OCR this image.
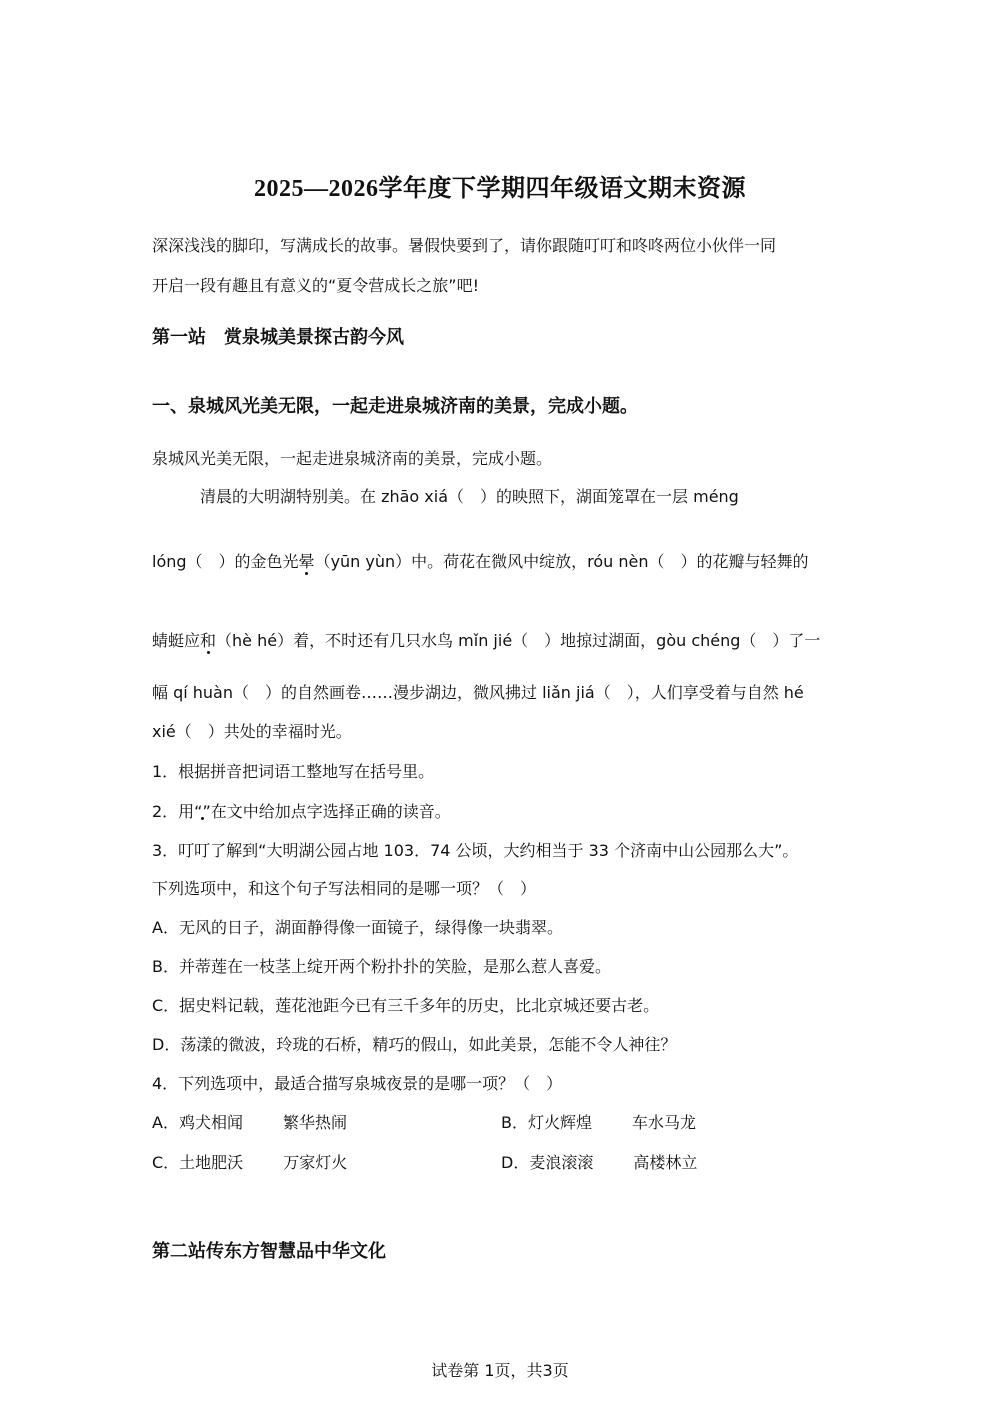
2025—2026学年度下学期四年级语文期末资源
深深浅浅的脚印，写满成长的故事。暑假快要到了，请你跟随叮叮和咚咚两位小伙伴一同
开启一段有趣且有意义的“夏令营成长之旅”吧!
第一站　赏泉城美景探古韵今风
一、泉城风光美无限，一起走进泉城济南的美景，完成小题。
泉城风光美无限，一起走进泉城济南的美景，完成小题。
清晨的大明湖特别美。在 zhāo xiá（　）的映照下，湖面笼罩在一层 méng
lóng（　）的金色光晕（yūn yùn）中。荷花在微风中绽放，róu nèn（　）的花瓣与轻舞的
蜻蜓应和（hè hé）着，不时还有几只水鸟 mǐn jié（　）地掠过湖面，gòu chéng（　）了一
幅 qí huàn（　）的自然画卷……漫步湖边，微风拂过 liǎn jiá（　），人们享受着与自然 hé
xié（　）共处的幸福时光。
1．根据拼音把词语工整地写在括号里。
2．用“”在文中给加点字选择正确的读音。
3．叮叮了解到“大明湖公园占地 103．74 公顷，大约相当于 33 个济南中山公园那么大”。
下列选项中，和这个句子写法相同的是哪一项？（　）
A．无风的日子，湖面静得像一面镜子，绿得像一块翡翠。
B．并蒂莲在一枝茎上绽开两个粉扑扑的笑脸，是那么惹人喜爱。
C．据史料记载，莲花池距今已有三千多年的历史，比北京城还要古老。
D．荡漾的微波，玲珑的石桥，精巧的假山，如此美景，怎能不令人神往？
4．下列选项中，最适合描写泉城夜景的是哪一项？（　）
A．鸡犬相闻	繁华热闹	B．灯火辉煌	车水马龙
C．土地肥沃	万家灯火	D．麦浪滚滚	高楼林立
第二站传东方智慧品中华文化
试卷第 1页，共3页
